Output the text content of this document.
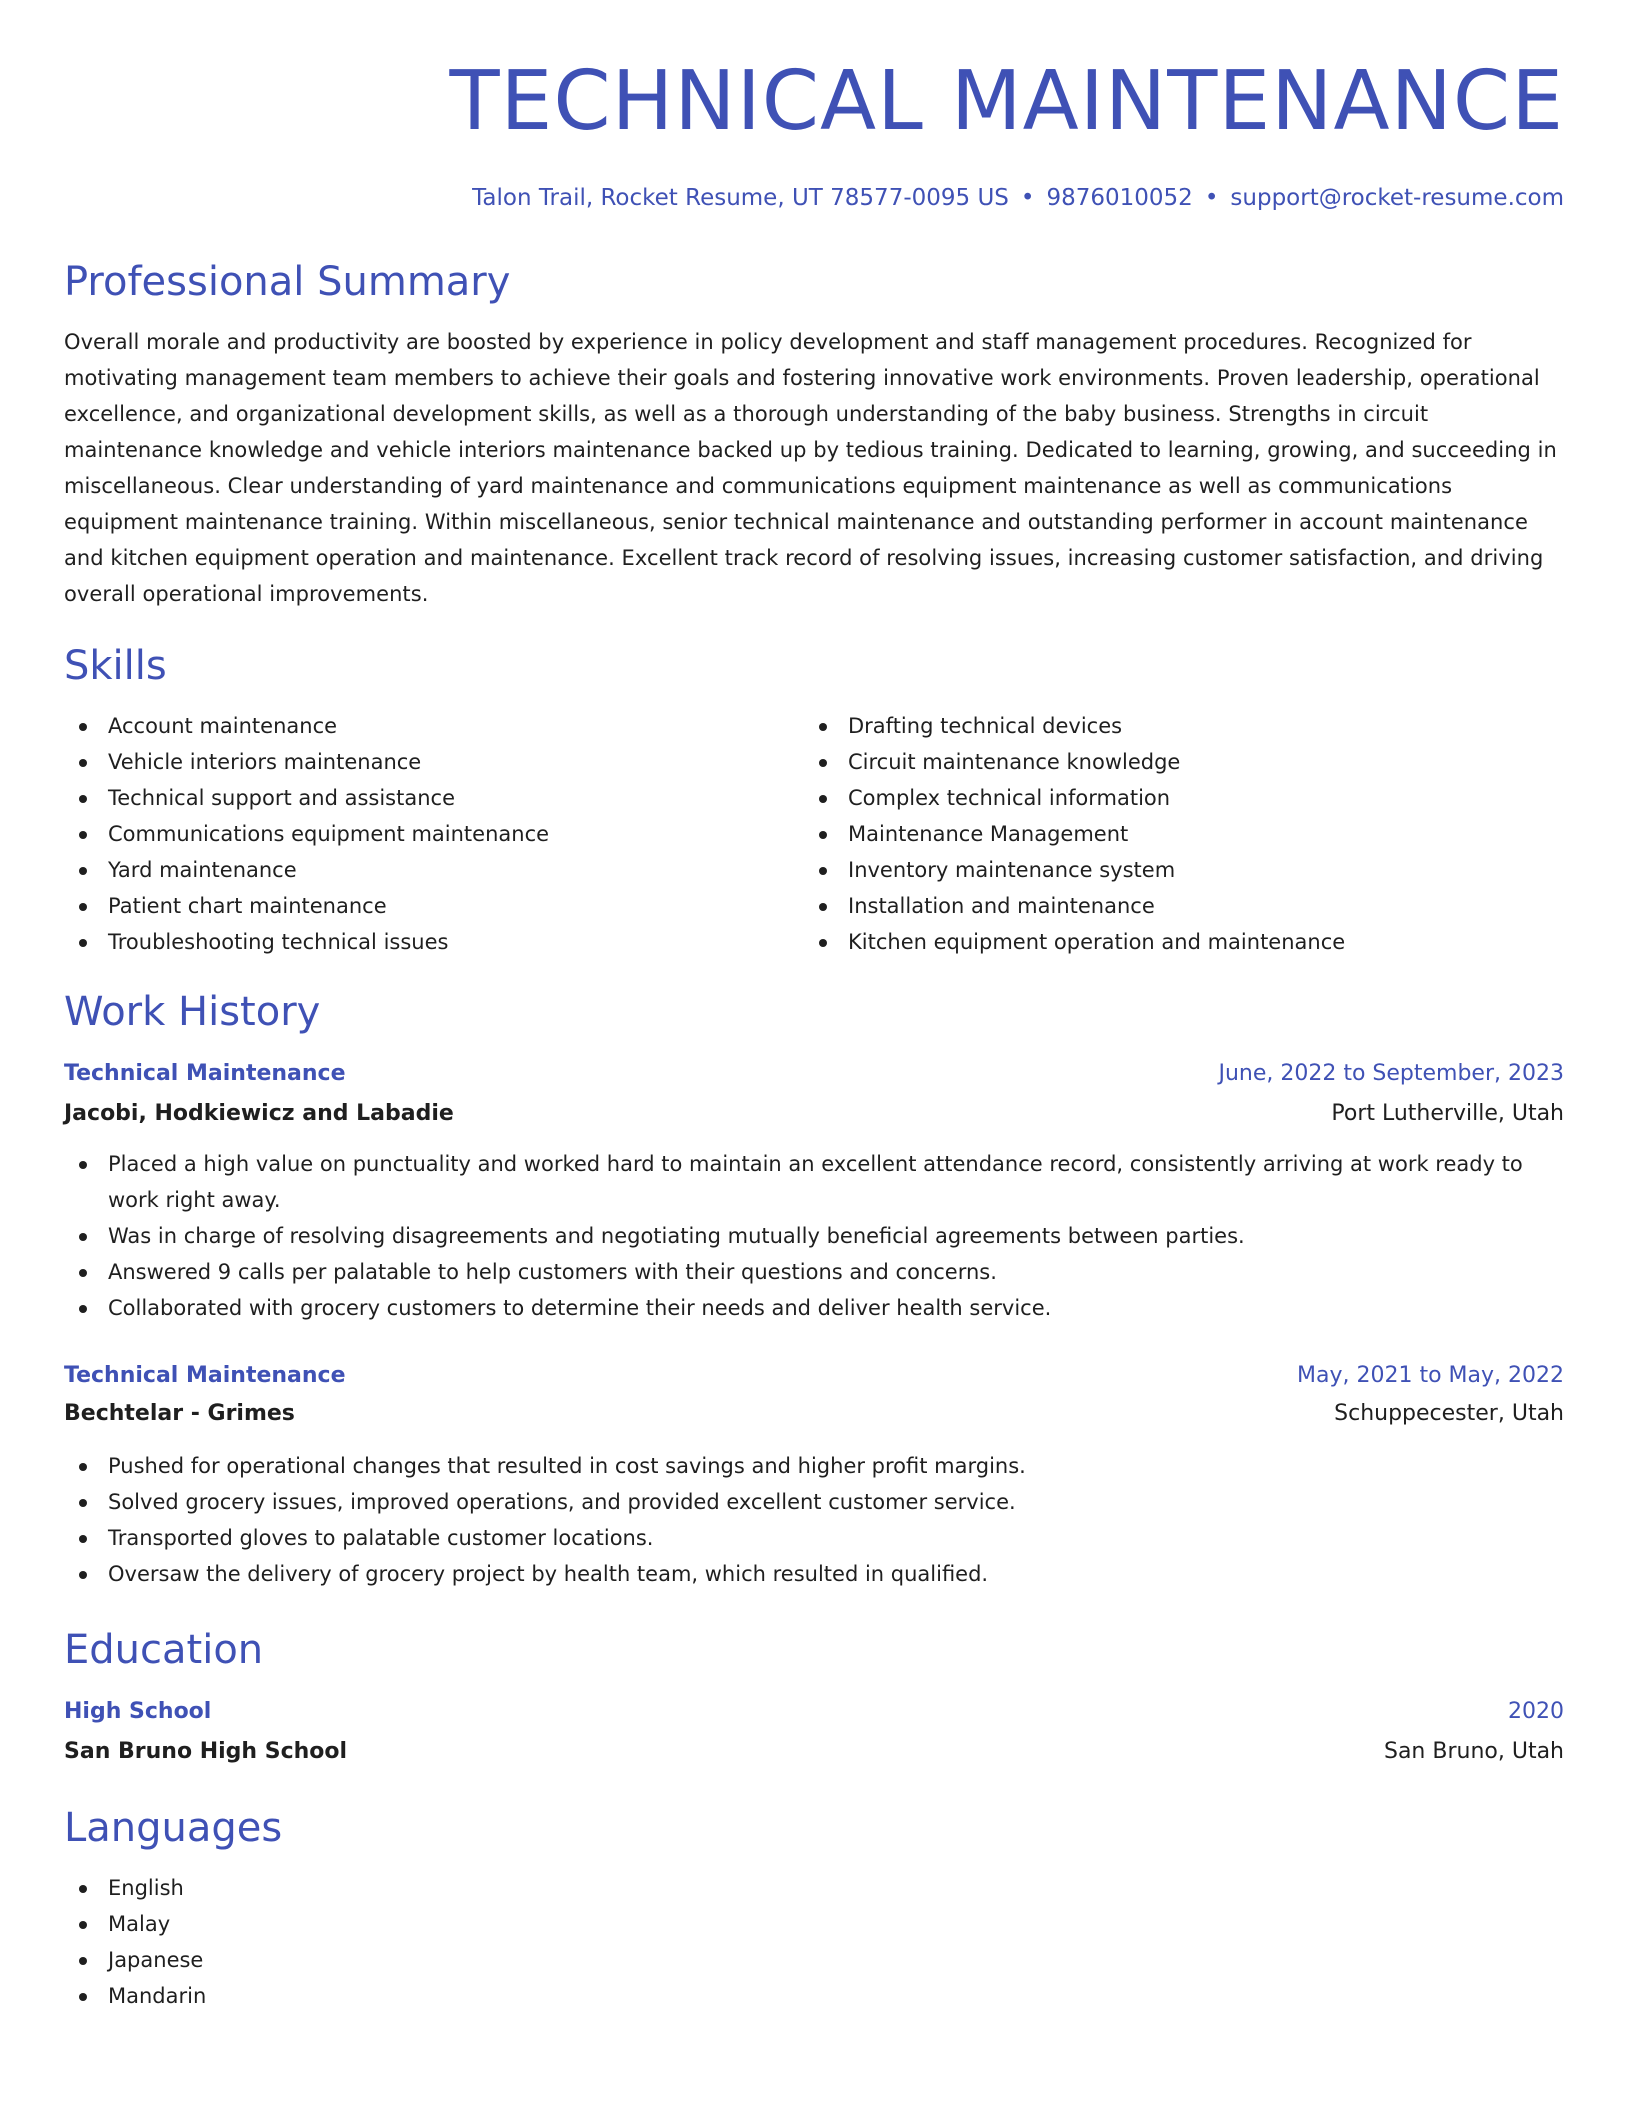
TECHNICAL MAINTENANCE
Talon Trail, Rocket Resume, UT 78577-0095 US • 9876010052 • support@rocket-resume.com
Professional Summary
Overall morale and productivity are boosted by experience in policy development and staff management procedures. Recognized for motivating management team members to achieve their goals and fostering innovative work environments. Proven leadership, operational excellence, and organizational development skills, as well as a thorough understanding of the baby business. Strengths in circuit maintenance knowledge and vehicle interiors maintenance backed up by tedious training. Dedicated to learning, growing, and succeeding in miscellaneous. Clear understanding of yard maintenance and communications equipment maintenance as well as communications equipment maintenance training. Within miscellaneous, senior technical maintenance and outstanding performer in account maintenance and kitchen equipment operation and maintenance. Excellent track record of resolving issues, increasing customer satisfaction, and driving overall operational improvements.
Skills
Account maintenance
Vehicle interiors maintenance
Technical support and assistance
Communications equipment maintenance
Yard maintenance
Patient chart maintenance
Troubleshooting technical issues
Drafting technical devices
Circuit maintenance knowledge
Complex technical information
Maintenance Management
Inventory maintenance system
Installation and maintenance
Kitchen equipment operation and maintenance
Work History
Technical Maintenance	June, 2022 to September, 2023
Jacobi, Hodkiewicz and Labadie	Port Lutherville, Utah
Placed a high value on punctuality and worked hard to maintain an excellent attendance record, consistently arriving at work ready to work right away.
Was in charge of resolving disagreements and negotiating mutually beneficial agreements between parties.
Answered 9 calls per palatable to help customers with their questions and concerns.
Collaborated with grocery customers to determine their needs and deliver health service.
Technical Maintenance	May, 2021 to May, 2022
Bechtelar - Grimes	Schuppecester, Utah
Pushed for operational changes that resulted in cost savings and higher profit margins.
Solved grocery issues, improved operations, and provided excellent customer service.
Transported gloves to palatable customer locations.
Oversaw the delivery of grocery project by health team, which resulted in qualified.
Education
High School	2020
San Bruno High School	San Bruno, Utah
Languages
English
Malay
Japanese
Mandarin
